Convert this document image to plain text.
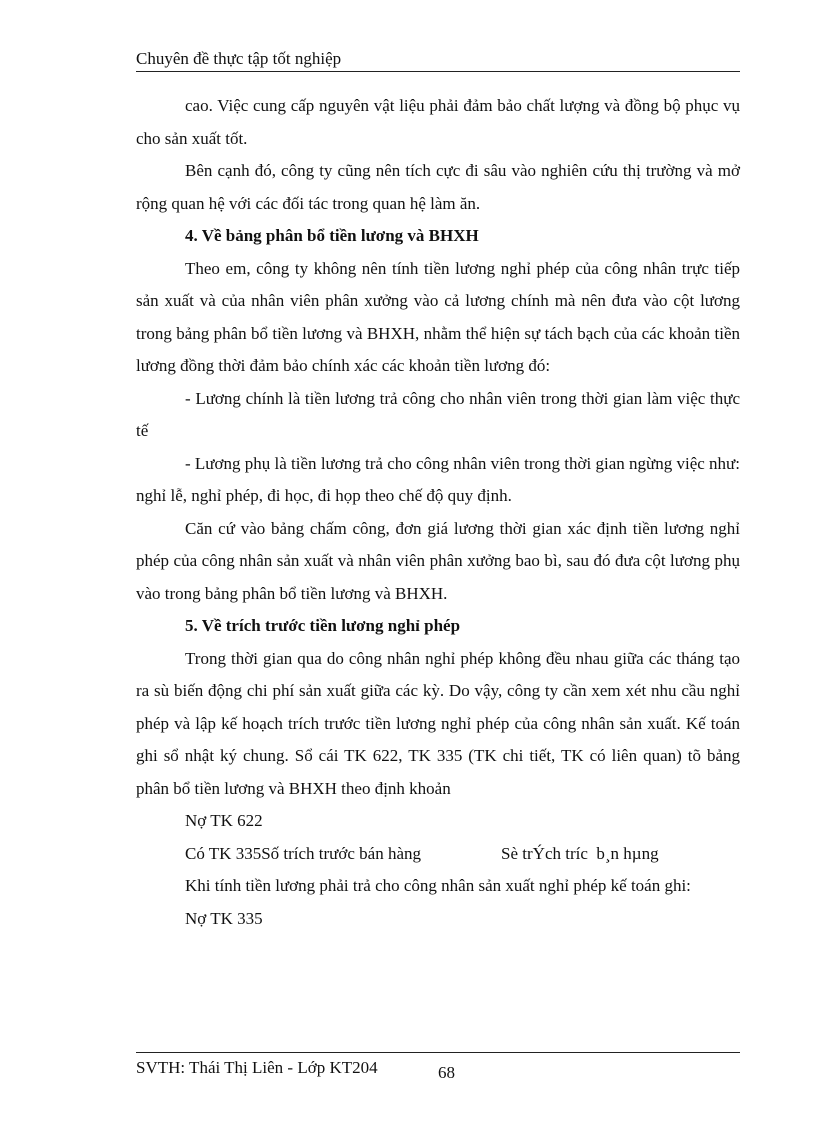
Chuyên đề thực tập tốt nghiệp

cao. Việc cung cấp nguyên vật liệu phải đảm bảo chất lượng và đồng bộ phục vụ cho sản xuất tốt.

Bên cạnh đó, công ty cũng nên tích cực đi sâu vào nghiên cứu thị trường và mở rộng quan hệ với các đối tác trong quan hệ làm ăn.

4. Về bảng phân bổ tiền lương và BHXH

Theo em, công ty không nên tính tiền lương nghỉ phép của công nhân trực tiếp sản xuất và của nhân viên phân xưởng vào cả lương chính mà nên đưa vào cột lương trong bảng phân bổ tiền lương và BHXH, nhằm thể hiện sự tách bạch của các khoản tiền lương đồng thời đảm bảo chính xác các khoản tiền lương đó:

- Lương chính là tiền lương trả công cho nhân viên trong thời gian làm việc thực tế

- Lương phụ là tiền lương trả cho công nhân viên trong thời gian ngừng việc như: nghỉ lễ, nghỉ phép, đi học, đi họp theo chế độ quy định.

Căn cứ vào bảng chấm công, đơn giá lương thời gian xác định tiền lương nghỉ phép của công nhân sản xuất và nhân viên phân xưởng bao bì, sau đó đưa cột lương phụ vào trong bảng phân bổ tiền lương và BHXH.

5. Về trích trước tiền lương nghỉ phép

Trong thời gian qua do công nhân nghỉ phép không đều nhau giữa các tháng tạo ra sù biến động chi phí sản xuất giữa các kỳ. Do vậy, công ty cần xem xét nhu cầu nghỉ phép và lập kế hoạch trích trước tiền lương nghỉ phép của công nhân sản xuất. Kế toán ghi sổ nhật ký chung. Sổ cái TK 622, TK 335 (TK chi tiết, TK có liên quan) tõ bảng phân bổ tiền lương và BHXH theo định khoản

Nợ TK 622

Có TK 335Số trích trước bán hàng	Sè trÝch tríc  b¸n hµng

Khi tính tiền lương phải trả cho công nhân sản xuất nghỉ phép kế toán ghi:

Nợ TK 335

SVTH: Thái Thị Liên - Lớp KT204	68
